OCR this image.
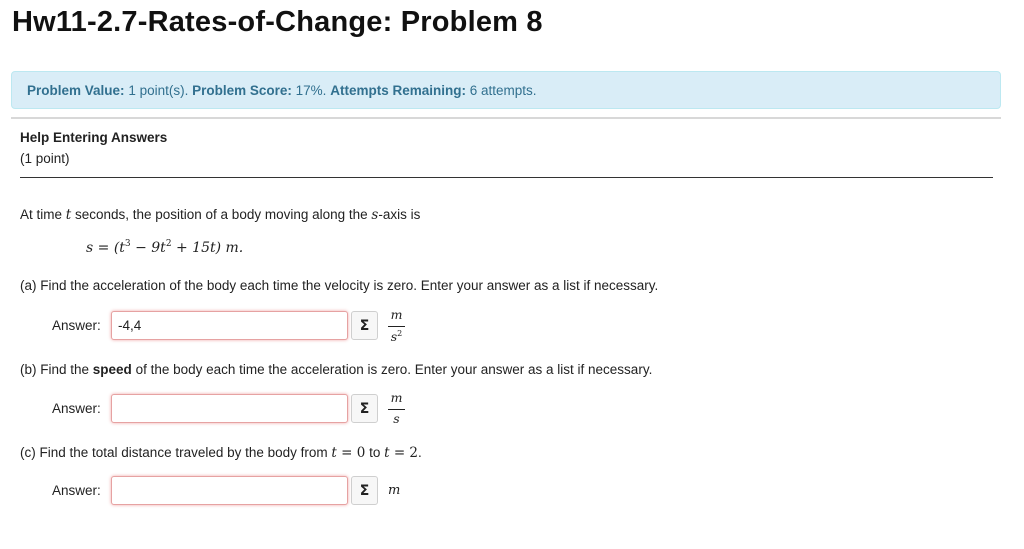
Hw11-2.7-Rates-of-Change: Problem 8
Problem Value: 1 point(s). Problem Score: 17%. Attempts Remaining: 6 attempts.
Help Entering Answers
(1 point)
At time t seconds, the position of a body moving along the s-axis is
$s = (t^3 - 9t^2 + 15t)$ m.
(a) Find the acceleration of the body each time the velocity is zero. Enter your answer as a list if necessary.
Answer:
-4,4	Σ
m
$s^2$
(b) Find the speed of the body each time the acceleration is zero. Enter your answer as a list if necessary.
Answer:	Σ
m
s
(c) Find the total distance traveled by the body from t = 0 to t = 2.
Answer:	Σ	m
